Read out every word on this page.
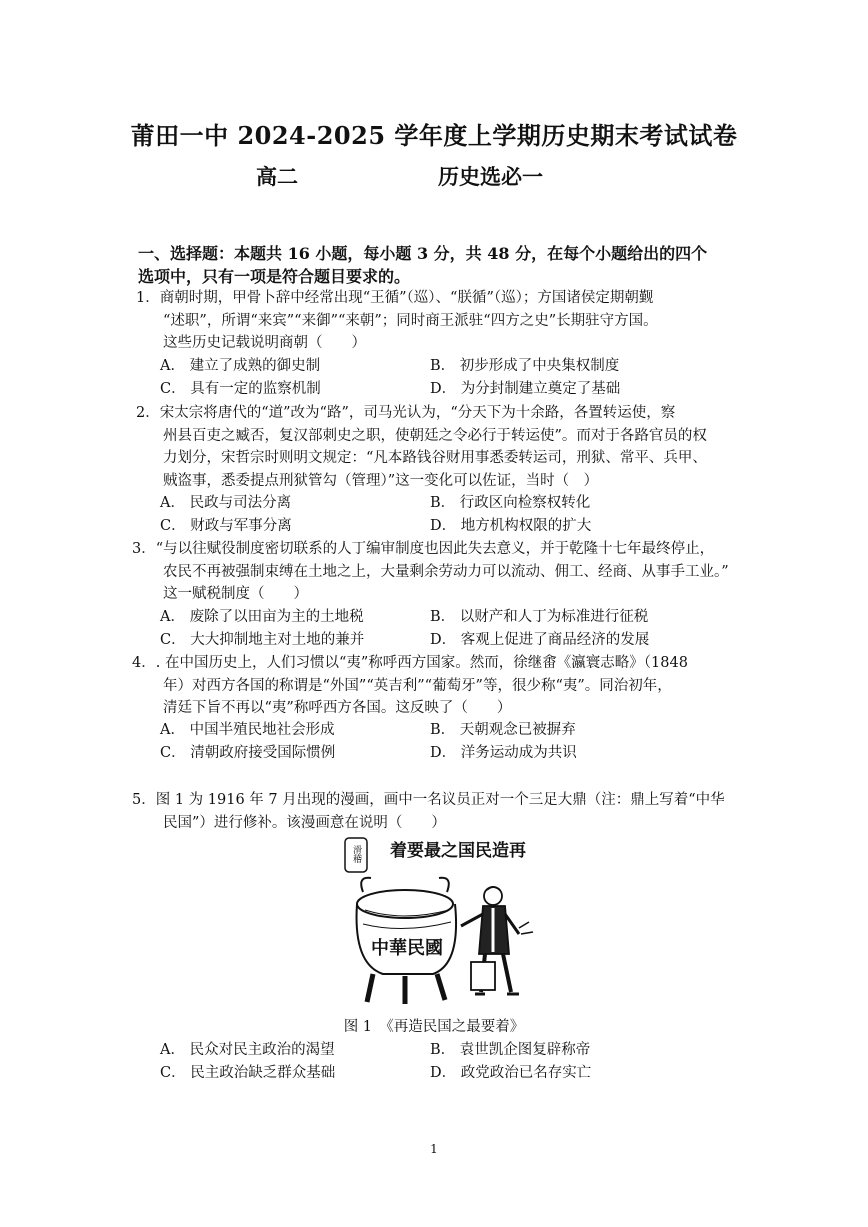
莆田一中 2024-2025 学年度上学期历史期末考试试卷
高二	历史选必一
一、选择题：本题共 16 小题，每小题 3 分，共 48 分，在每个小题给出的四个
选项中，只有一项是符合题目要求的。

1．商朝时期，甲骨卜辞中经常出现“王循”（巡）、“朕循”（巡）；方国诸侯定期朝觐

“述职”，所谓“来宾”“来御”“来朝”；同时商王派驻“四方之史”长期驻守方国。

这些历史记载说明商朝（　　）

A． 建立了成熟的御史制	B． 初步形成了中央集权制度
C． 具有一定的监察机制	D． 为分封制建立奠定了基础

2．宋太宗将唐代的“道”改为“路”，司马光认为，“分天下为十余路，各置转运使，察

州县百吏之臧否，复汉部刺史之职，使朝廷之令必行于转运使”。而对于各路官员的权

力划分，宋哲宗时则明文规定：“凡本路钱谷财用事悉委转运司，刑狱、常平、兵甲、

贼盗事，悉委提点刑狱管勾（管理）”这一变化可以佐证，当时（　）

A． 民政与司法分离	B． 行政区向检察权转化
C． 财政与军事分离	D． 地方机构权限的扩大

3．“与以往赋役制度密切联系的人丁编审制度也因此失去意义，并于乾隆十七年最终停止，

农民不再被强制束缚在土地之上，大量剩余劳动力可以流动、佣工、经商、从事手工业。”

这一赋税制度（　　）

A． 废除了以田亩为主的土地税	B． 以财产和人丁为标准进行征税
C． 大大抑制地主对土地的兼并	D． 客观上促进了商品经济的发展

4．. 在中国历史上，人们习惯以“夷”称呼西方国家。然而，徐继畬《瀛寰志略》（1848

年）对西方各国的称谓是“外国”“英吉利”“葡萄牙”等，很少称“夷”。同治初年，

清廷下旨不再以“夷”称呼西方各国。这反映了（　　）

A． 中国半殖民地社会形成	B． 天朝观念已被摒弃
C． 清朝政府接受国际惯例	D． 洋务运动成为共识

5．图 1 为 1916 年 7 月出现的漫画，画中一名议员正对一个三足大鼎（注：鼎上写着“中华

民国”）进行修补。该漫画意在说明（　　）

滑稽 着要最之国民造再
中華民國
图 1　《再造民国之最要着》
A． 民众对民主政治的渴望	B． 袁世凯企图复辟称帝
C． 民主政治缺乏群众基础	D． 政党政治已名存实亡
1
